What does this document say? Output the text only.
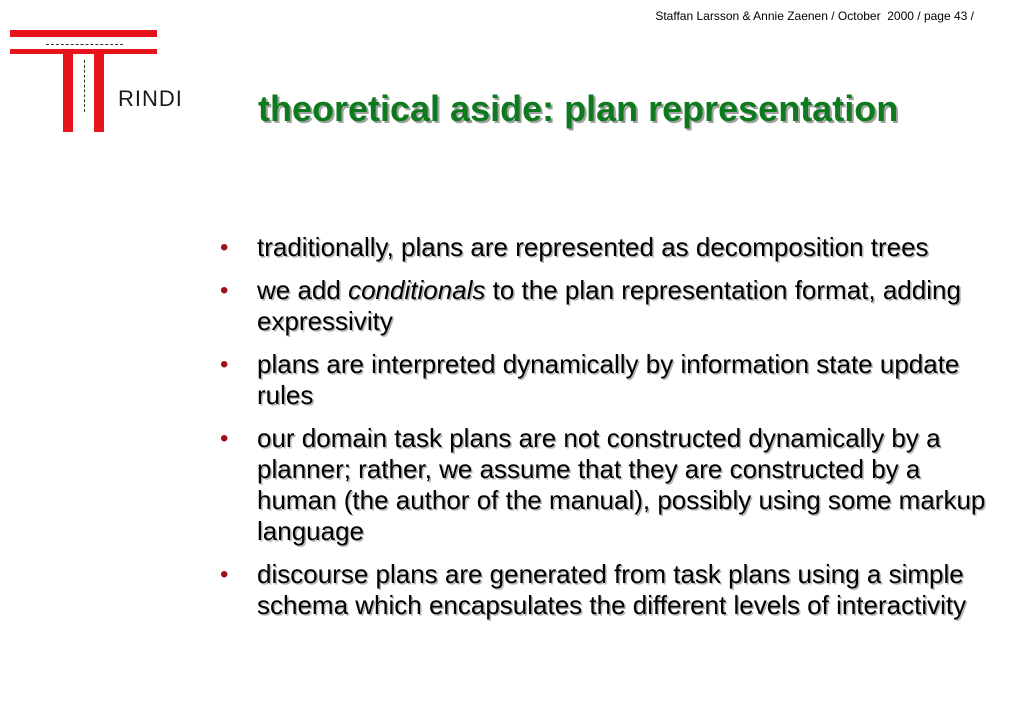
Staffan Larsson & Annie Zaenen / October  2000 / page 43 /
RINDI theoretical aside: plan representation
• traditionally, plans are represented as decomposition trees
• we add conditionals to the plan representation format, adding expressivity
• plans are interpreted dynamically by information state update rules
• our domain task plans are not constructed dynamically by a planner; rather, we assume that they are constructed by a human (the author of the manual), possibly using some markup language
• discourse plans are generated from task plans using a simple schema which encapsulates the different levels of interactivity
